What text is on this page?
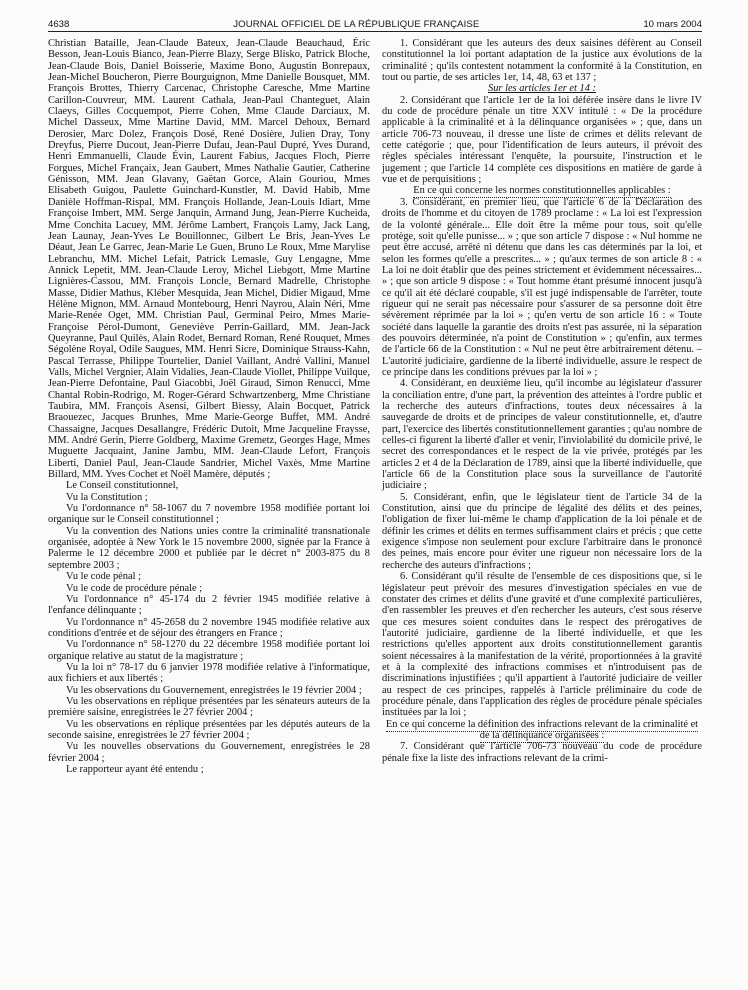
4638	JOURNAL OFFICIEL DE LA RÉPUBLIQUE FRANÇAISE	10 mars 2004

Christian Bataille, Jean-Claude Bateux, Jean-Claude Beauchaud, Éric Besson, Jean-Louis Bianco, Jean-Pierre Blazy, Serge Blisko, Patrick Bloche, Jean-Claude Bois, Daniel Boisserie, Maxime Bono, Augustin Bonrepaux, Jean-Michel Boucheron, Pierre Bourguignon, Mme Danielle Bousquet, MM. François Brottes, Thierry Carcenac, Christophe Caresche, Mme Martine Carillon-Couvreur, MM. Laurent Cathala, Jean-Paul Chanteguet, Alain Claeys, Gilles Cocquempot, Pierre Cohen, Mme Claude Darciaux, M. Michel Dasseux, Mme Martine David, MM. Marcel Dehoux, Bernard Derosier, Marc Dolez, François Dosé, René Dosière, Julien Dray, Tony Dreyfus, Pierre Ducout, Jean-Pierre Dufau, Jean-Paul Dupré, Yves Durand, Henri Emmanuelli, Claude Évin, Laurent Fabius, Jacques Floch, Pierre Forgues, Michel Françaix, Jean Gaubert, Mmes Nathalie Gautier, Catherine Génisson, MM. Jean Glavany, Gaëtan Gorce, Alain Gouriou, Mmes Elisabeth Guigou, Paulette Guinchard-Kunstler, M. David Habib, Mme Danièle Hoffman-Rispal, MM. François Hollande, Jean-Louis Idiart, Mme Françoise Imbert, MM. Serge Janquin, Armand Jung, Jean-Pierre Kucheida, Mme Conchita Lacuey, MM. Jérôme Lambert, François Lamy, Jack Lang, Jean Launay, Jean-Yves Le Bouillonnec, Gilbert Le Bris, Jean-Yves Le Déaut, Jean Le Garrec, Jean-Marie Le Guen, Bruno Le Roux, Mme Marylise Lebranchu, MM. Michel Lefait, Patrick Lemasle, Guy Lengagne, Mme Annick Lepetit, MM. Jean-Claude Leroy, Michel Liebgott, Mme Martine Lignières-Cassou, MM. François Loncle, Bernard Madrelle, Christophe Masse, Didier Mathus, Kléber Mesquida, Jean Michel, Didier Migaud, Mme Hélène Mignon, MM. Arnaud Montebourg, Henri Nayrou, Alain Néri, Mme Marie-Renée Oget, MM. Christian Paul, Germinal Peiro, Mmes Marie-Françoise Pérol-Dumont, Geneviève Perrin-Gaillard, MM. Jean-Jack Queyranne, Paul Quilès, Alain Rodet, Bernard Roman, René Rouquet, Mmes Ségolène Royal, Odile Saugues, MM. Henri Sicre, Dominique Strauss-Kahn, Pascal Terrasse, Philippe Tourtelier, Daniel Vaillant, André Vallini, Manuel Valls, Michel Vergnier, Alain Vidalies, Jean-Claude Viollet, Philippe Vuilque, Jean-Pierre Defontaine, Paul Giacobbi, Joël Giraud, Simon Renucci, Mme Chantal Robin-Rodrigo, M. Roger-Gérard Schwartzenberg, Mme Christiane Taubira, MM. François Asensi, Gilbert Biessy, Alain Bocquet, Patrick Braouezec, Jacques Brunhes, Mme Marie-George Buffet, MM. André Chassaigne, Jacques Desallangre, Frédéric Dutoit, Mme Jacqueline Fraysse, MM. André Gerin, Pierre Goldberg, Maxime Gremetz, Georges Hage, Mmes Muguette Jacquaint, Janine Jambu, MM. Jean-Claude Lefort, François Liberti, Daniel Paul, Jean-Claude Sandrier, Michel Vaxès, Mme Martine Billard, MM. Yves Cochet et Noël Mamère, députés ;

Le Conseil constitutionnel,

Vu la Constitution ;

Vu l'ordonnance n° 58-1067 du 7 novembre 1958 modifiée portant loi organique sur le Conseil constitutionnel ;

Vu la convention des Nations unies contre la criminalité transnationale organisée, adoptée à New York le 15 novembre 2000, signée par la France à Palerme le 12 décembre 2000 et publiée par le décret n° 2003-875 du 8 septembre 2003 ;

Vu le code pénal ;

Vu le code de procédure pénale ;

Vu l'ordonnance n° 45-174 du 2 février 1945 modifiée relative à l'enfance délinquante ;

Vu l'ordonnance n° 45-2658 du 2 novembre 1945 modifiée relative aux conditions d'entrée et de séjour des étrangers en France ;

Vu l'ordonnance n° 58-1270 du 22 décembre 1958 modifiée portant loi organique relative au statut de la magistrature ;

Vu la loi n° 78-17 du 6 janvier 1978 modifiée relative à l'informatique, aux fichiers et aux libertés ;

Vu les observations du Gouvernement, enregistrées le 19 février 2004 ;

Vu les observations en réplique présentées par les sénateurs auteurs de la première saisine, enregistrées le 27 février 2004 ;

Vu les observations en réplique présentées par les députés auteurs de la seconde saisine, enregistrées le 27 février 2004 ;

Vu les nouvelles observations du Gouvernement, enregistrées le 28 février 2004 ;

Le rapporteur ayant été entendu ;

1. Considérant que les auteurs des deux saisines défèrent au Conseil constitutionnel la loi portant adaptation de la justice aux évolutions de la criminalité ; qu'ils contestent notamment la conformité à la Constitution, en tout ou partie, de ses articles 1er, 14, 48, 63 et 137 ;

Sur les articles 1er et 14 :

2. Considérant que l'article 1er de la loi déférée insère dans le livre IV du code de procédure pénale un titre XXV intitulé : « De la procédure applicable à la criminalité et à la délinquance organisées » ; que, dans un article 706-73 nouveau, il dresse une liste de crimes et délits relevant de cette catégorie ; que, pour l'identification de leurs auteurs, il prévoit des règles spéciales intéressant l'enquête, la poursuite, l'instruction et le jugement ; que l'article 14 complète ces dispositions en matière de garde à vue et de perquisitions ;

En ce qui concerne les normes constitutionnelles applicables :

3. Considérant, en premier lieu, que l'article 6 de la Déclaration des droits de l'homme et du citoyen de 1789 proclame : « La loi est l'expression de la volonté générale... Elle doit être la même pour tous, soit qu'elle protège, soit qu'elle punisse... » ; que son article 7 dispose : « Nul homme ne peut être accusé, arrêté ni détenu que dans les cas déterminés par la loi, et selon les formes qu'elle a prescrites... » ; qu'aux termes de son article 8 : « La loi ne doit établir que des peines strictement et évidemment nécessaires... » ; que son article 9 dispose : « Tout homme étant présumé innocent jusqu'à ce qu'il ait été déclaré coupable, s'il est jugé indispensable de l'arrêter, toute rigueur qui ne serait pas nécessaire pour s'assurer de sa personne doit être sévèrement réprimée par la loi » ; qu'en vertu de son article 16 : « Toute société dans laquelle la garantie des droits n'est pas assurée, ni la séparation des pouvoirs déterminée, n'a point de Constitution » ; qu'enfin, aux termes de l'article 66 de la Constitution : « Nul ne peut être arbitrairement détenu. – L'autorité judiciaire, gardienne de la liberté individuelle, assure le respect de ce principe dans les conditions prévues par la loi » ;

4. Considérant, en deuxième lieu, qu'il incombe au législateur d'assurer la conciliation entre, d'une part, la prévention des atteintes à l'ordre public et la recherche des auteurs d'infractions, toutes deux nécessaires à la sauvegarde de droits et de principes de valeur constitutionnelle, et, d'autre part, l'exercice des libertés constitutionnellement garanties ; qu'au nombre de celles-ci figurent la liberté d'aller et venir, l'inviolabilité du domicile privé, le secret des correspondances et le respect de la vie privée, protégés par les articles 2 et 4 de la Déclaration de 1789, ainsi que la liberté individuelle, que l'article 66 de la Constitution place sous la surveillance de l'autorité judiciaire ;

5. Considérant, enfin, que le législateur tient de l'article 34 de la Constitution, ainsi que du principe de légalité des délits et des peines, l'obligation de fixer lui-même le champ d'application de la loi pénale et de définir les crimes et délits en termes suffisamment clairs et précis ; que cette exigence s'impose non seulement pour exclure l'arbitraire dans le prononcé des peines, mais encore pour éviter une rigueur non nécessaire lors de la recherche des auteurs d'infractions ;

6. Considérant qu'il résulte de l'ensemble de ces dispositions que, si le législateur peut prévoir des mesures d'investigation spéciales en vue de constater des crimes et délits d'une gravité et d'une complexité particulières, d'en rassembler les preuves et d'en rechercher les auteurs, c'est sous réserve que ces mesures soient conduites dans le respect des prérogatives de l'autorité judiciaire, gardienne de la liberté individuelle, et que les restrictions qu'elles apportent aux droits constitutionnellement garantis soient nécessaires à la manifestation de la vérité, proportionnées à la gravité et à la complexité des infractions commises et n'introduisent pas de discriminations injustifiées ; qu'il appartient à l'autorité judiciaire de veiller au respect de ces principes, rappelés à l'article préliminaire du code de procédure pénale, dans l'application des règles de procédure pénale spéciales instituées par la loi ;

En ce qui concerne la définition des infractions relevant de la criminalité et de la délinquance organisées :

7. Considérant que l'article 706-73 nouveau du code de procédure pénale fixe la liste des infractions relevant de la crimi-
